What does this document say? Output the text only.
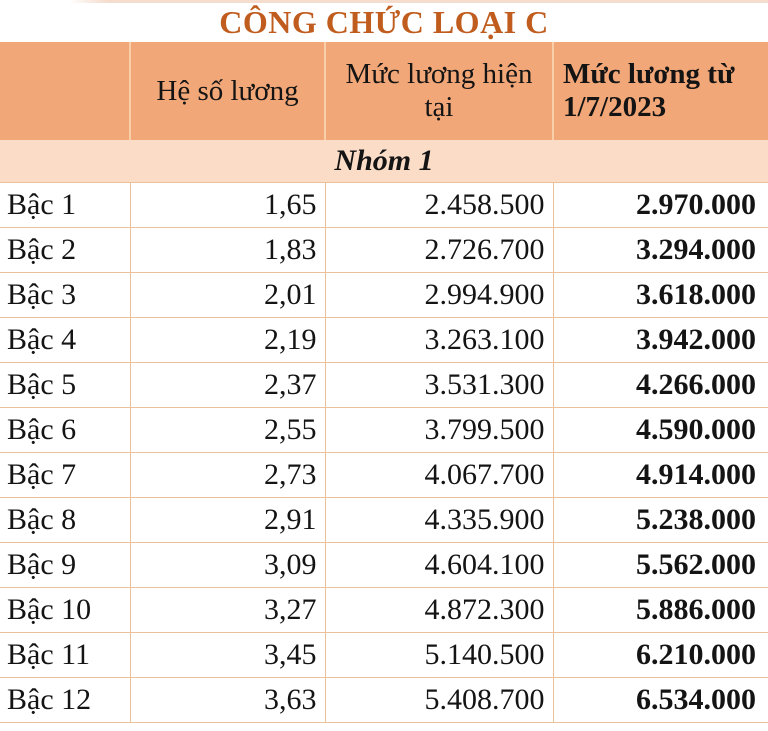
CÔNG CHỨC LOẠI C
	Hệ số lương	Mức lương hiện tại	Mức lương từ 1/7/2023
Nhóm 1			
Bậc 1	1,65	2.458.500	2.970.000
Bậc 2	1,83	2.726.700	3.294.000
Bậc 3	2,01	2.994.900	3.618.000
Bậc 4	2,19	3.263.100	3.942.000
Bậc 5	2,37	3.531.300	4.266.000
Bậc 6	2,55	3.799.500	4.590.000
Bậc 7	2,73	4.067.700	4.914.000
Bậc 8	2,91	4.335.900	5.238.000
Bậc 9	3,09	4.604.100	5.562.000
Bậc 10	3,27	4.872.300	5.886.000
Bậc 11	3,45	5.140.500	6.210.000
Bậc 12	3,63	5.408.700	6.534.000
